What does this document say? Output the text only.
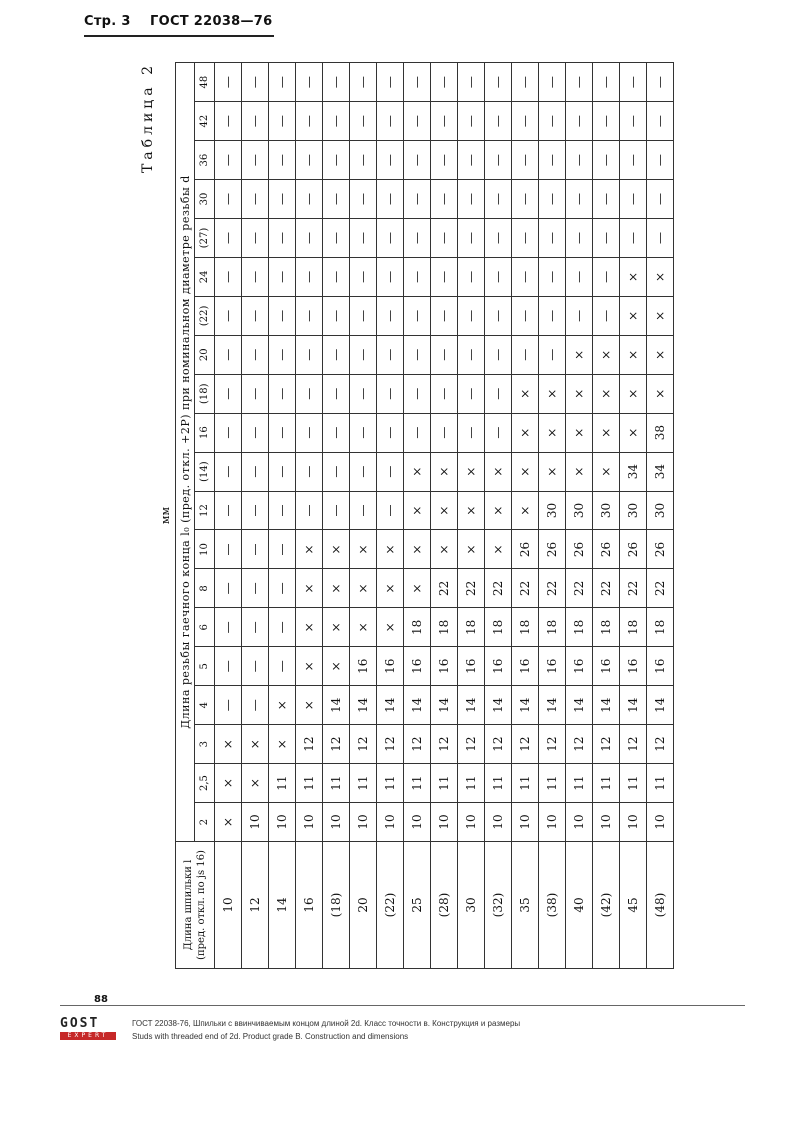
Стр. 3 ГОСТ 22038—76
Таблица 2
мм
Длина шпильки l (пред. откл. по js 16)	Длина резьбы гаечного конца l₀ (пред. откл. +2P) при номинальном диаметре резьбы d																			
	2	2,5	3	4	5	6	8	10	12	(14)	16	(18)	20	(22)	24	(27)	30	36	42	48
10	×	×	×	—	—	—	—	—	—	—	—	—	—	—	—	—	—	—	—	—
12	10	×	×	—	—	—	—	—	—	—	—	—	—	—	—	—	—	—	—	—
14	10	11	×	×	—	—	—	—	—	—	—	—	—	—	—	—	—	—	—	—
16	10	11	12	×	×	×	×	×	—	—	—	—	—	—	—	—	—	—	—	—
(18)	10	11	12	14	×	×	×	×	—	—	—	—	—	—	—	—	—	—	—	—
20	10	11	12	14	16	×	×	×	—	—	—	—	—	—	—	—	—	—	—	—
(22)	10	11	12	14	16	×	×	×	—	—	—	—	—	—	—	—	—	—	—	—
25	10	11	12	14	16	18	×	×	×	×	—	—	—	—	—	—	—	—	—	—
(28)	10	11	12	14	16	18	22	×	×	×	—	—	—	—	—	—	—	—	—	—
30	10	11	12	14	16	18	22	×	×	×	—	—	—	—	—	—	—	—	—	—
(32)	10	11	12	14	16	18	22	×	×	×	—	—	—	—	—	—	—	—	—	—
35	10	11	12	14	16	18	22	26	×	×	×	×	—	—	—	—	—	—	—	—
(38)	10	11	12	14	16	18	22	26	30	×	×	×	—	—	—	—	—	—	—	—
40	10	11	12	14	16	18	22	26	30	×	×	×	×	—	—	—	—	—	—	—
(42)	10	11	12	14	16	18	22	26	30	×	×	×	×	—	—	—	—	—	—	—
45	10	11	12	14	16	18	22	26	30	34	×	×	×	×	×	—	—	—	—	—
(48)	10	11	12	14	16	18	22	26	30	34	38	×	×	×	×	—	—	—	—	—
88
GOST
EXPERT
ГОСТ 22038-76, Шпильки с ввинчиваемым концом длиной 2d. Класс точности в. Конструкция и размеры
Studs with threaded end of 2d. Product grade B. Construction and dimensions
